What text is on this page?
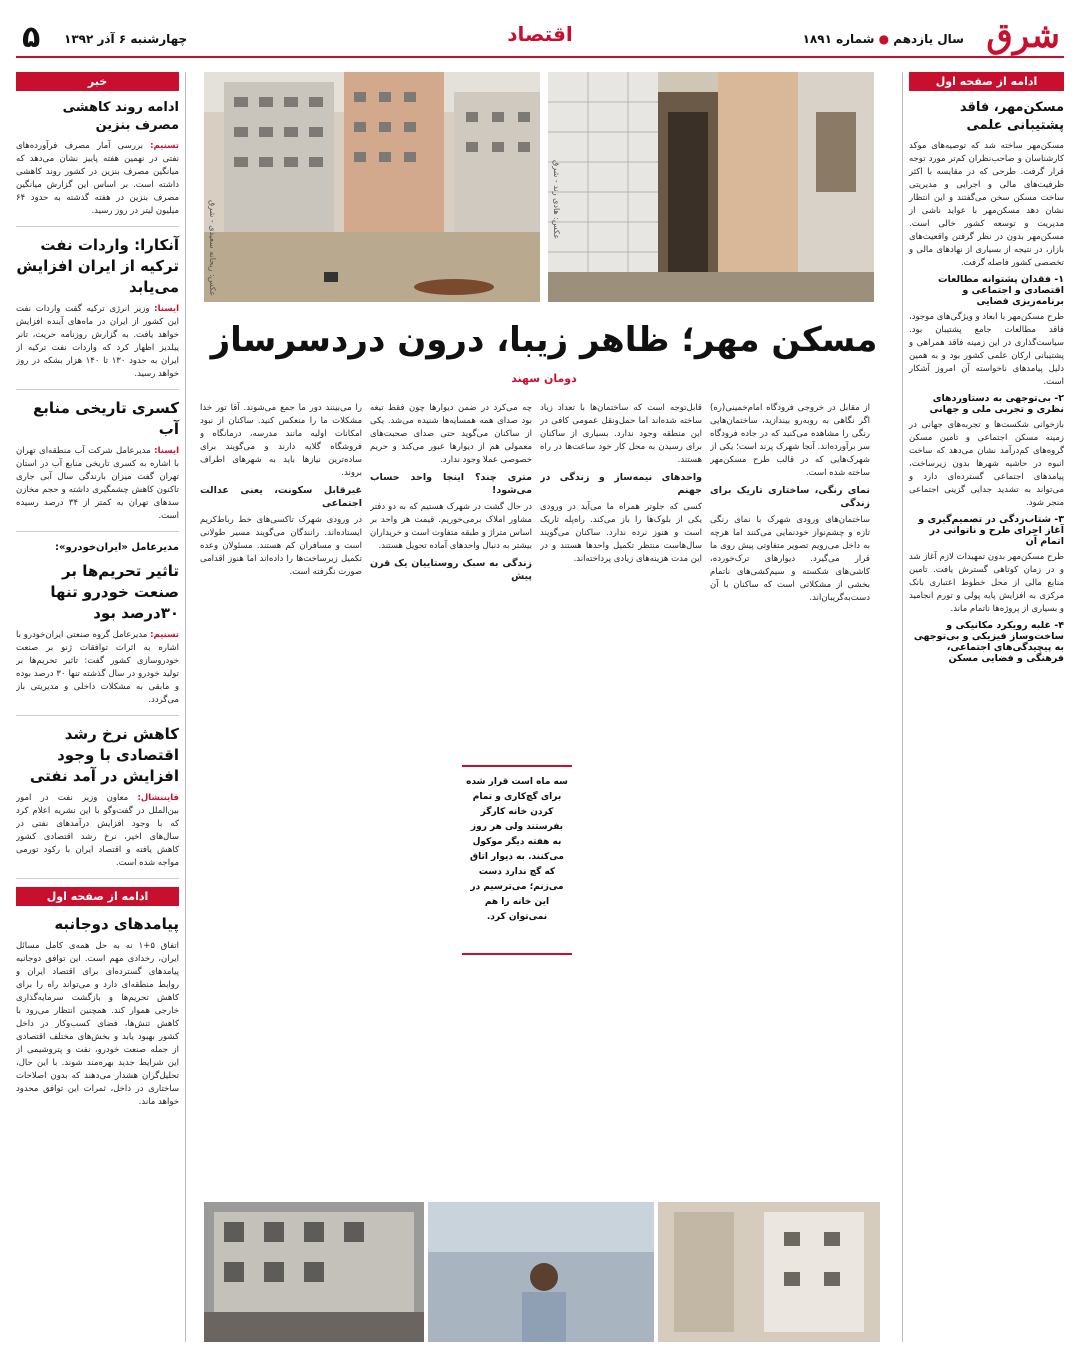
شرق
سال یازدهم ● شماره ۱۸۹۱
اقتصاد
چهارشنبه ۶ آذر ۱۳۹۲
۵
ادامه از صفحه اول
مسکن‌مهر، فاقد پشتیبانی علمی
مسکن‌مهر ساخته شد که توصیه‌های موکد کارشناسان و صاحب‌نظران کم‌تر مورد توجه قرار گرفت. طرحی که در مقایسه با اکثر ظرفیت‌های مالی و اجرایی و مدیریتی ساخت مسکن سخن می‌گفتند و این انتظار نشان دهد مسکن‌مهر با عواید ناشی از مدیریت و توسعه کشور خالی است. مسکن‌مهر بدون در نظر گرفتن واقعیت‌های بازار، در نتیجه از بسیاری از نهادهای مالی و تخصصی کشور فاصله گرفت.
۱- فقدان پشتوانه مطالعات اقتصادی و اجتماعی و برنامه‌ریزی فضایی
طرح مسکن‌مهر با ابعاد و ویژگی‌های موجود، فاقد مطالعات جامع پشتیبان بود. سیاست‌گذاری در این زمینه فاقد همراهی و پشتیبانی ارکان علمی کشور بود و به همین دلیل پیامدهای ناخواسته آن امروز آشکار است.
۲- بی‌توجهی به دستاوردهای نظری و تجربی ملی و جهانی
بازخوانی شکست‌ها و تجربه‌های جهانی در زمینه مسکن اجتماعی و تامین مسکن گروه‌های کم‌درآمد نشان می‌دهد که ساخت انبوه در حاشیه شهرها بدون زیرساخت، پیامدهای اجتماعی گسترده‌ای دارد و می‌تواند به تشدید جدایی گزینی اجتماعی منجر شود.
۳- شتاب‌زدگی در تصمیم‌گیری و آغاز اجرای طرح و ناتوانی در اتمام آن
طرح مسکن‌مهر بدون تمهیدات لازم آغاز شد و در زمان کوتاهی گسترش یافت. تامین منابع مالی از محل خطوط اعتباری بانک مرکزی به افزایش پایه پولی و تورم انجامید و بسیاری از پروژه‌ها ناتمام ماند.
۴- غلبه رویکرد مکانیکی و ساخت‌وساز فیزیکی و بی‌توجهی به پیچیدگی‌های اجتماعی، فرهنگی و فضایی مسکن
خبر
ادامه روند کاهشی مصرف بنزین
تسنیم: بررسی آمار مصرف فرآورده‌های نفتی در نهمین هفته پاییز نشان می‌دهد که میانگین مصرف بنزین در کشور روند کاهشی داشته است. بر اساس این گزارش میانگین مصرف بنزین در هفته گذشته به حدود ۶۴ میلیون لیتر در روز رسید.
آنکارا: واردات نفت ترکیه از ایران افزایش می‌یابد
ایسنا: وزیر انرژی ترکیه گفت واردات نفت این کشور از ایران در ماه‌های آینده افزایش خواهد یافت. به گزارش روزنامه حریت، تانر ییلدیز اظهار کرد که واردات نفت ترکیه از ایران به حدود ۱۳۰ تا ۱۴۰ هزار بشکه در روز خواهد رسید.
کسری تاریخی منابع آب
ایسنا: مدیرعامل شرکت آب منطقه‌ای تهران با اشاره به کسری تاریخی منابع آب در استان تهران گفت میزان بارندگی سال آبی جاری تاکنون کاهش چشمگیری داشته و حجم مخازن سدهای تهران به کمتر از ۳۴ درصد رسیده است.
مدیرعامل «ایران‌خودرو»:
تاثیر تحریم‌ها بر صنعت خودرو تنها ۳۰درصد بود
تسنیم: مدیرعامل گروه صنعتی ایران‌خودرو با اشاره به اثرات توافقات ژنو بر صنعت خودروسازی کشور گفت: تاثیر تحریم‌ها بر تولید خودرو در سال گذشته تنها ۳۰ درصد بوده و مابقی به مشکلات داخلی و مدیریتی باز می‌گردد.
کاهش نرخ رشد اقتصادی با وجود افزایش در آمد نفتی
فایننشال: معاون وزیر نفت در امور بین‌الملل در گفت‌وگو با این نشریه اعلام کرد که با وجود افزایش درآمدهای نفتی در سال‌های اخیر، نرخ رشد اقتصادی کشور کاهش یافته و اقتصاد ایران با رکود تورمی مواجه شده است.
ادامه از صفحه اول
پیامدهای دوجانبه
اتفاق ۵+۱ نه به حل همه‌ی کامل مسائل ایران، رخدادی مهم است. این توافق دوجانبه پیامدهای گسترده‌ای برای اقتصاد ایران و روابط منطقه‌ای دارد و می‌تواند راه را برای کاهش تحریم‌ها و بازگشت سرمایه‌گذاری خارجی هموار کند. همچنین انتظار می‌رود با کاهش تنش‌ها، فضای کسب‌وکار در داخل کشور بهبود یابد و بخش‌های مختلف اقتصادی از جمله صنعت خودرو، نفت و پتروشیمی از این شرایط جدید بهره‌مند شوند. با این حال، تحلیل‌گران هشدار می‌دهند که بدون اصلاحات ساختاری در داخل، ثمرات این توافق محدود خواهد ماند.
عکس: هادی زند - شرق
عکس: ریحانه سعیدی - شرق
مسکن مهر؛ ظاهر زیبا، درون دردسرساز
دومان سهند
از مقابل در خروجی فرودگاه امام‌خمینی(ره) اگر نگاهی به روبه‌رو بیندازید، ساختمان‌هایی رنگی را مشاهده می‌کنید که در جاده فرودگاه سر برآورده‌اند. آنجا شهرک پرند است؛ یکی از شهرک‌هایی که در قالب طرح مسکن‌مهر ساخته شده است.
نمای رنگی، ساختاری تاریک برای زندگی
ساختمان‌های ورودی شهرک با نمای رنگی تازه و چشم‌نواز خودنمایی می‌کنند اما هرچه به داخل می‌رویم تصویر متفاوتی پیش روی ما قرار می‌گیرد. دیوارهای ترک‌خورده، کاشی‌های شکسته و سیم‌کشی‌های ناتمام بخشی از مشکلاتی است که ساکنان با آن دست‌به‌گریبان‌اند.
قابل‌توجه است که ساختمان‌ها با تعداد زیاد ساخته شده‌اند اما حمل‌ونقل عمومی کافی در این منطقه وجود ندارد. بسیاری از ساکنان برای رسیدن به محل کار خود ساعت‌ها در راه هستند.
واحدهای نیمه‌ساز و زندگی در جهنم
کسی که جلوتر همراه ما می‌آید در ورودی یکی از بلوک‌ها را باز می‌کند. راه‌پله تاریک است و هنوز نرده ندارد. ساکنان می‌گویند سال‌هاست منتظر تکمیل واحدها هستند و در این مدت هزینه‌های زیادی پرداخته‌اند.
چه می‌کرد در ضمن دیوارها چون فقط تیغه بود صدای همه همسایه‌ها شنیده می‌شد. یکی از ساکنان می‌گوید حتی صدای صحبت‌های معمولی هم از دیوارها عبور می‌کند و حریم خصوصی عملا وجود ندارد.
متری چند؟ اینجا واحد حساب می‌شود!
در حال گشت در شهرک هستیم که به دو دفتر مشاور املاک برمی‌خوریم. قیمت هر واحد بر اساس متراژ و طبقه متفاوت است و خریداران بیشتر به دنبال واحدهای آماده تحویل هستند.
زندگی به سبک روستاییان یک قرن پیش
را می‌بینند دور ما جمع می‌شوند. آقا تور خدا مشکلات ما را منعکس کنید. ساکنان از نبود امکانات اولیه مانند مدرسه، درمانگاه و فروشگاه گلایه دارند و می‌گویند برای ساده‌ترین نیازها باید به شهرهای اطراف بروند.
غیرقابل سکونت، یعنی عدالت اجتماعی
در ورودی شهرک تاکسی‌های خط رباط‌کریم ایستاده‌اند. رانندگان می‌گویند مسیر طولانی است و مسافران کم هستند. مسئولان وعده تکمیل زیرساخت‌ها را داده‌اند اما هنوز اقدامی صورت نگرفته است.
سه ماه است قرار شده برای گچ‌کاری و تمام کردن خانه کارگر بفرستند ولی هر روز به هفته دیگر موکول می‌کنند. به دیوار اتاق که گچ ندارد دست می‌زنم؛ می‌ترسیم در این خانه را هم نمی‌توان کرد.
